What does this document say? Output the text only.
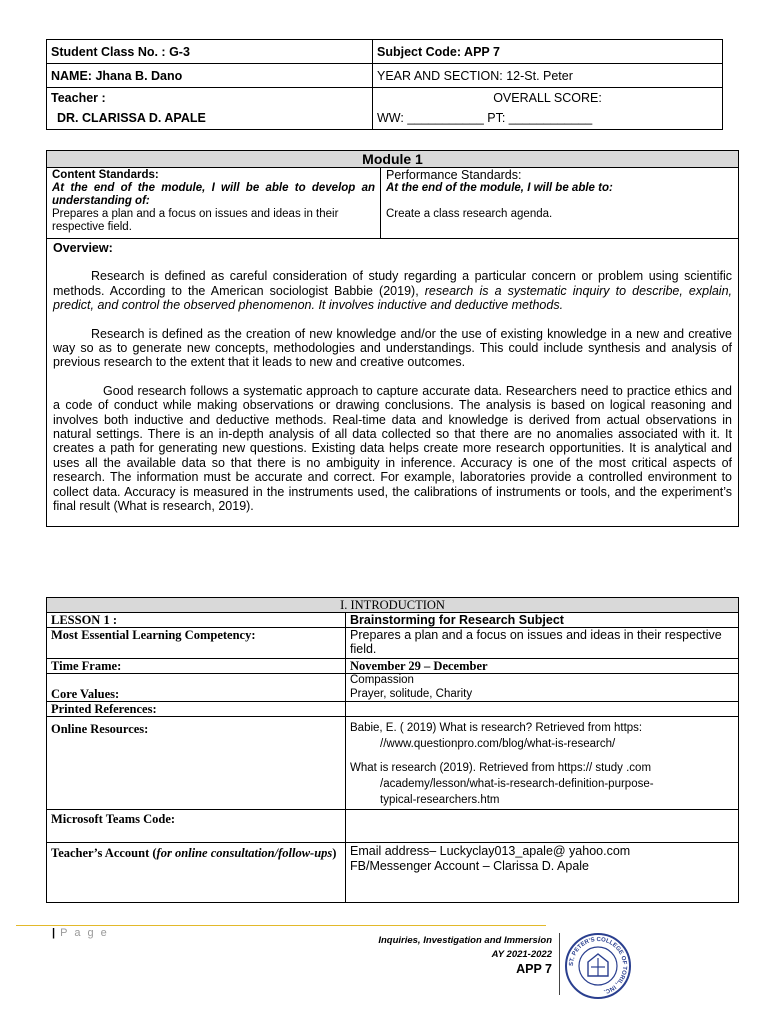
Student Class No. : G-3	Subject Code: APP 7
NAME: Jhana B. Dano	YEAR AND SECTION: 12-St. Peter
Teacher :	OVERALL SCORE:
DR. CLARISSA D. APALE	WW: ___________ PT: ____________
Module 1

Content Standards:
At the end of the module, I will be able to develop an understanding of:
Prepares a plan and a focus on issues and ideas in their respective field.

Performance Standards:
At the end of the module, I will be able to:
Create a class research agenda.

Overview:

Research is defined as careful consideration of study regarding a particular concern or problem using scientific methods. According to the American sociologist Babbie (2019), research is a systematic inquiry to describe, explain, predict, and control the observed phenomenon. It involves inductive and deductive methods.

Research is defined as the creation of new knowledge and/or the use of existing knowledge in a new and creative way so as to generate new concepts, methodologies and understandings. This could include synthesis and analysis of previous research to the extent that it leads to new and creative outcomes.

Good research follows a systematic approach to capture accurate data. Researchers need to practice ethics and a code of conduct while making observations or drawing conclusions. The analysis is based on logical reasoning and involves both inductive and deductive methods. Real-time data and knowledge is derived from actual observations in natural settings. There is an in-depth analysis of all data collected so that there are no anomalies associated with it. It creates a path for generating new questions. Existing data helps create more research opportunities. It is analytical and uses all the available data so that there is no ambiguity in inference. Accuracy is one of the most critical aspects of research. The information must be accurate and correct. For example, laboratories provide a controlled environment to collect data. Accuracy is measured in the instruments used, the calibrations of instruments or tools, and the experiment’s final result (What is research, 2019).

I. INTRODUCTION	
LESSON 1 :	Brainstorming for Research Subject
Most Essential Learning Competency:	Prepares a plan and a focus on issues and ideas in their respective field.
Time Frame:	November 29 – December
Core Values:	Compassion
Prayer, solitude, Charity

Printed References:	
Online Resources:	Babie, E. ( 2019) What is research? Retrieved from https:
//www.questionpro.com/blog/what-is-research/
What is research (2019). Retrieved from https:// study .com
/academy/lesson/what-is-research-definition-purpose-
typical-researchers.htm

Microsoft Teams Code:	
Teacher’s Account (for online consultation/follow-ups)	Email address– Luckyclay013_apale@ yahoo.com
FB/Messenger Account – Clarissa D. Apale
| P a g e
Inquiries, Investigation and Immersion
AY 2021-2022
APP 7	ST. PETER'S COLLEGE OF TORIL, INC.
